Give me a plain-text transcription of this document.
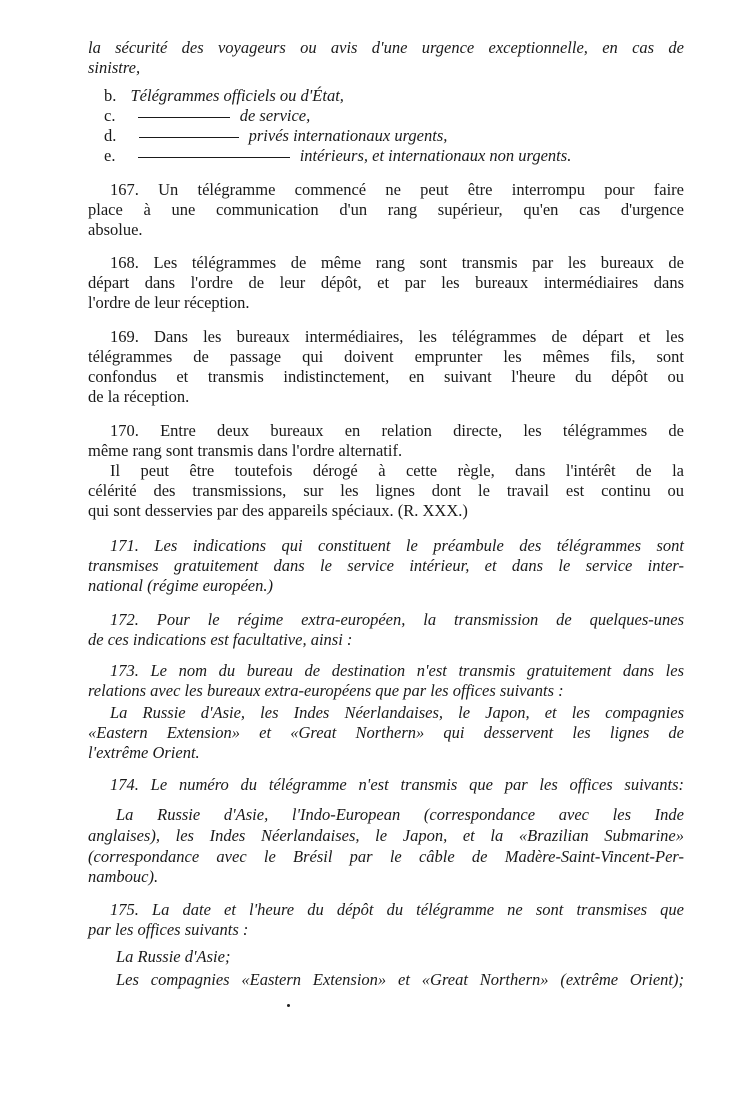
la sécurité des voyageurs ou avis d'une urgence exceptionnelle, en cas de
sinistre,
b. Télégrammes officiels ou d'État,
c.	de service,
d.	privés internationaux urgents,
e.	intérieurs, et internationaux non urgents.
167. Un télégramme commencé ne peut être interrompu pour faire
place à une communication d'un rang supérieur, qu'en cas d'urgence
absolue.
168. Les télégrammes de même rang sont transmis par les bureaux de
départ dans l'ordre de leur dépôt, et par les bureaux intermédiaires dans
l'ordre de leur réception.
169. Dans les bureaux intermédiaires, les télégrammes de départ et les
télégrammes de passage qui doivent emprunter les mêmes fils, sont
confondus et transmis indistinctement, en suivant l'heure du dépôt ou
de la réception.
170. Entre deux bureaux en relation directe, les télégrammes de
même rang sont transmis dans l'ordre alternatif.
Il peut être toutefois dérogé à cette règle, dans l'intérêt de la
célérité des transmissions, sur les lignes dont le travail est continu ou
qui sont desservies par des appareils spéciaux. (R. XXX.)
171. Les indications qui constituent le préambule des télégrammes sont
transmises gratuitement dans le service intérieur, et dans le service inter-
national (régime européen.)
172. Pour le régime extra-européen, la transmission de quelques-unes
de ces indications est facultative, ainsi :
173. Le nom du bureau de destination n'est transmis gratuitement dans les
relations avec les bureaux extra-européens que par les offices suivants :
La Russie d'Asie, les Indes Néerlandaises, le Japon, et les compagnies
«Eastern Extension» et «Great Northern» qui desservent les lignes de
l'extrême Orient.
174. Le numéro du télégramme n'est transmis que par les offices suivants:
La Russie d'Asie, l'Indo-European (correspondance avec les Inde
anglaises), les Indes Néerlandaises, le Japon, et la «Brazilian Submarine»
(correspondance avec le Brésil par le câble de Madère-Saint-Vincent-Per-
nambouc).
175. La date et l'heure du dépôt du télégramme ne sont transmises que
par les offices suivants :
La Russie d'Asie;
Les compagnies «Eastern Extension» et «Great Northern» (extrême Orient);
